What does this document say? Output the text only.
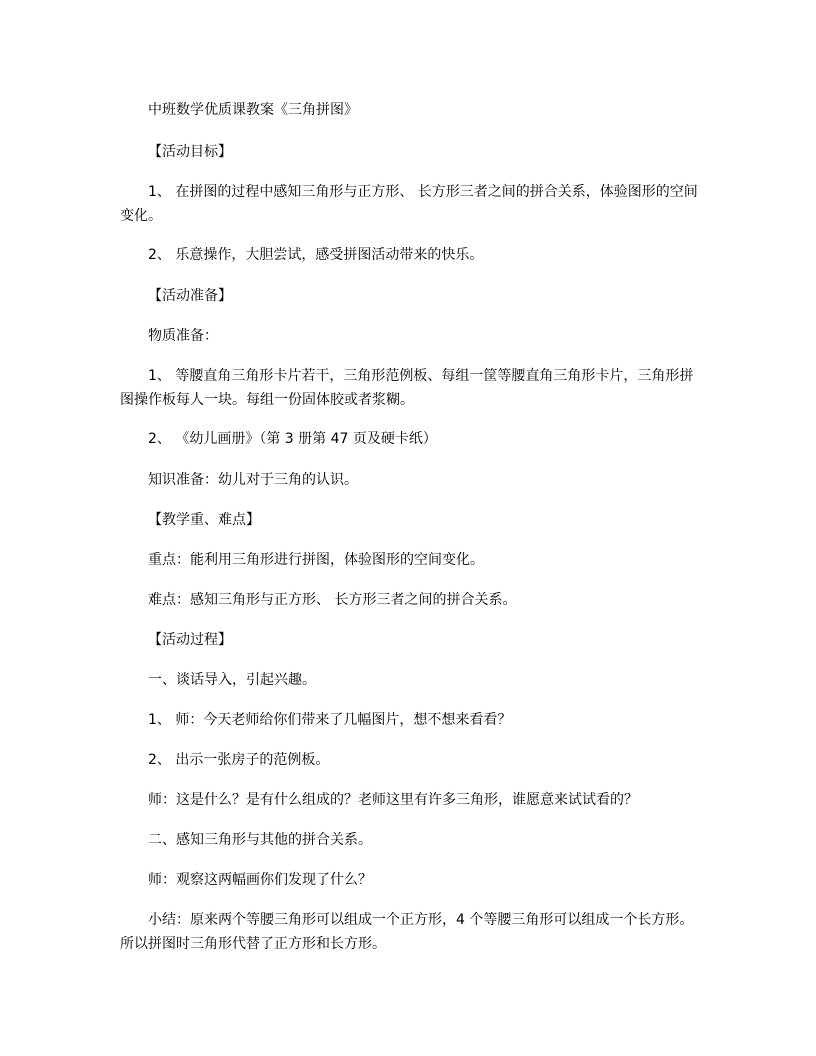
中班数学优质课教案《三角拼图》

【活动目标】

1、 在拼图的过程中感知三角形与正方形、 长方形三者之间的拼合关系，体验图形的空间

变化。

2、 乐意操作，大胆尝试，感受拼图活动带来的快乐。

【活动准备】

物质准备：

1、 等腰直角三角形卡片若干，三角形范例板、每组一筐等腰直角三角形卡片，三角形拼

图操作板每人一块。每组一份固体胶或者浆糊。

2、 《幼儿画册》（第 3 册第 47 页及硬卡纸）

知识准备：幼儿对于三角的认识。

【教学重、难点】

重点：能利用三角形进行拼图，体验图形的空间变化。

难点：感知三角形与正方形、 长方形三者之间的拼合关系。

【活动过程】

一、谈话导入，引起兴趣。

1、 师：今天老师给你们带来了几幅图片，想不想来看看？

2、 出示一张房子的范例板。

师：这是什么？是有什么组成的？老师这里有许多三角形，谁愿意来试试看的？

二、感知三角形与其他的拼合关系。

师：观察这两幅画你们发现了什么？

小结：原来两个等腰三角形可以组成一个正方形，4 个等腰三角形可以组成一个长方形。

所以拼图时三角形代替了正方形和长方形。
